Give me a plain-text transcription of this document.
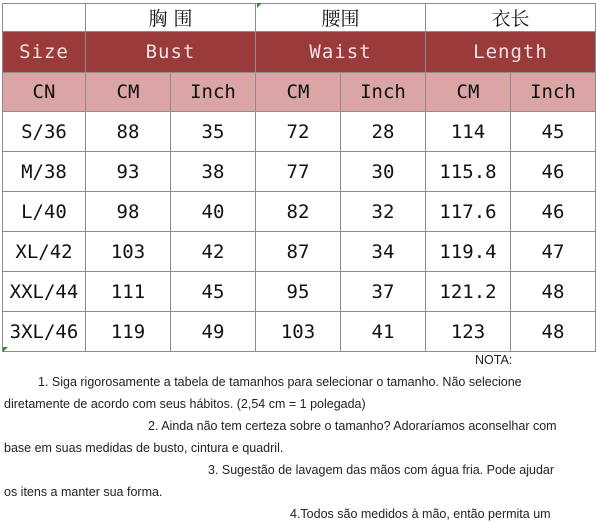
	胸 围		腰围		衣长	
Size	Bust		Waist		Length	
CN	CM	Inch	CM	Inch	CM	Inch
S/36	88	35	72	28	114	45
M/38	93	38	77	30	115.8	46
L/40	98	40	82	32	117.6	46
XL/42	103	42	87	34	119.4	47
XXL/44	111	45	95	37	121.2	48
3XL/46	119	49	103	41	123	48
NOTA:
1. Siga rigorosamente a tabela de tamanhos para selecionar o tamanho. Não selecione
diretamente de acordo com seus hábitos. (2,54 cm = 1 polegada)
2. Ainda não tem certeza sobre o tamanho? Adoraríamos aconselhar com
base em suas medidas de busto, cintura e quadril.
3. Sugestão de lavagem das mãos com água fria. Pode ajudar
os itens a manter sua forma.
4.Todos são medidos à mão, então permita um
